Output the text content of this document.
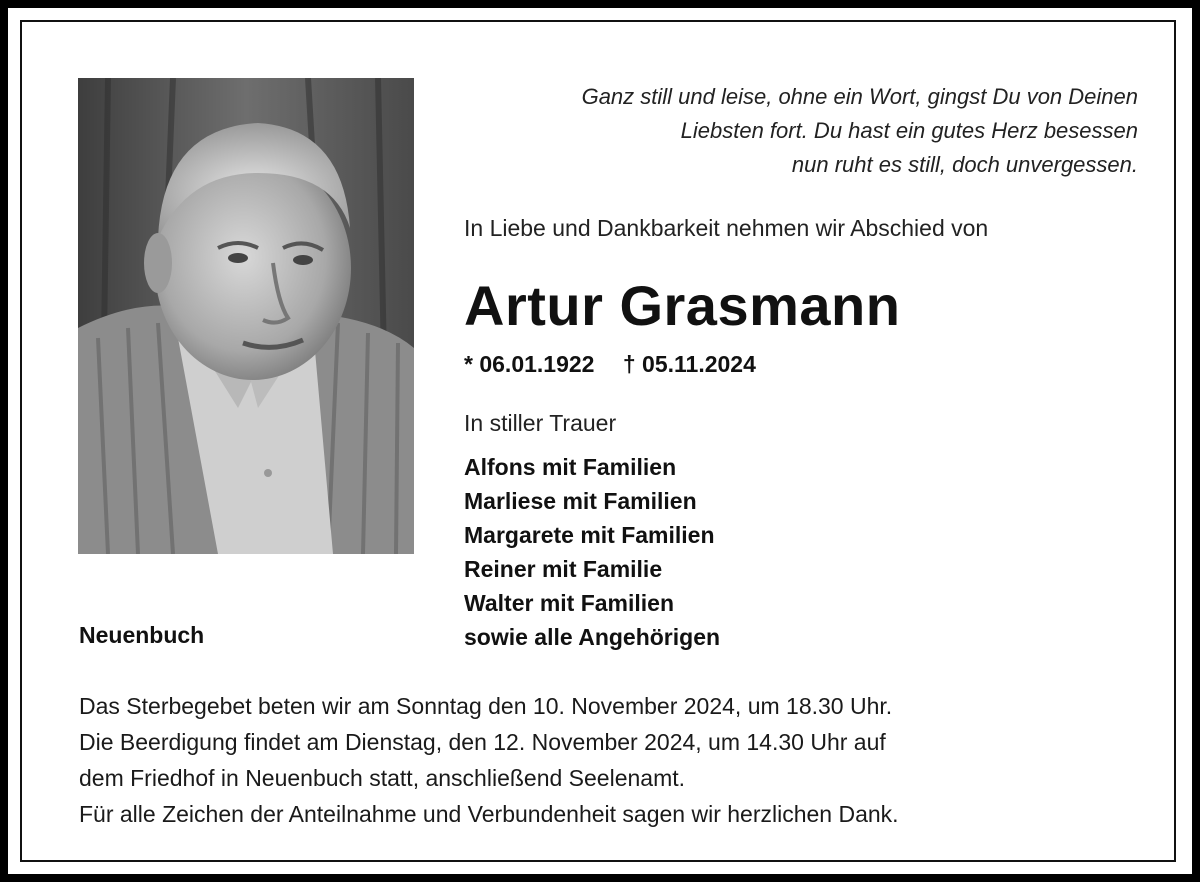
Ganz still und leise, ohne ein Wort, gingst Du von Deinen
Liebsten fort. Du hast ein gutes Herz besessen
nun ruht es still, doch unvergessen.
In Liebe und Dankbarkeit nehmen wir Abschied von
Artur Grasmann
* 06.01.1922 † 05.11.2024
In stiller Trauer
Alfons mit Familien
Marliese mit Familien
Margarete mit Familien
Reiner mit Familie
Walter mit Familien
sowie alle Angehörigen
Neuenbuch
Das Sterbegebet beten wir am Sonntag den 10. November 2024, um 18.30 Uhr.
Die Beerdigung findet am Dienstag, den 12. November 2024, um 14.30 Uhr auf
dem Friedhof in Neuenbuch statt, anschließend Seelenamt.
Für alle Zeichen der Anteilnahme und Verbundenheit sagen wir herzlichen Dank.
